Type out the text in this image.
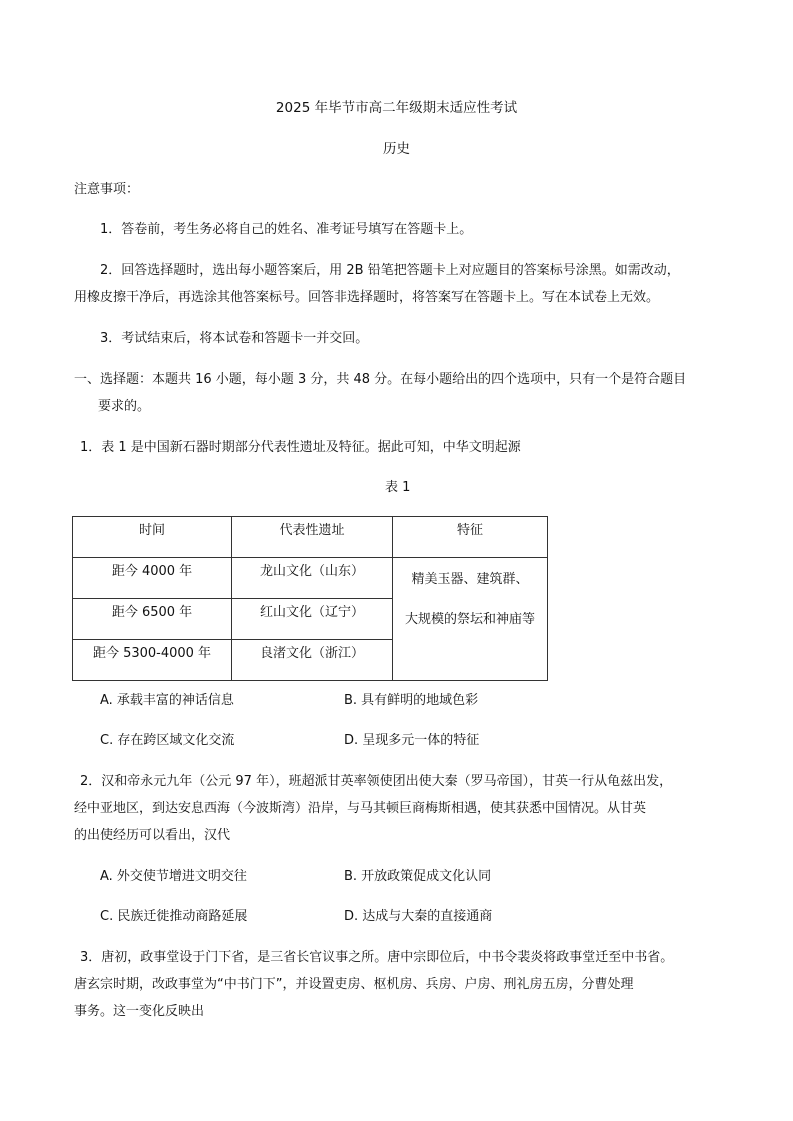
2025 年毕节市高二年级期末适应性考试
历史
注意事项：
1．答卷前，考生务必将自己的姓名、准考证号填写在答题卡上。
2．回答选择题时，选出每小题答案后，用 2B 铅笔把答题卡上对应题目的答案标号涂黑。如需改动，
用橡皮擦干净后，再选涂其他答案标号。回答非选择题时，将答案写在答题卡上。写在本试卷上无效。
3．考试结束后，将本试卷和答题卡一并交回。
一、选择题：本题共 16 小题，每小题 3 分，共 48 分。在每小题给出的四个选项中，只有一个是符合题目
要求的。
1．表 1 是中国新石器时期部分代表性遗址及特征。据此可知，中华文明起源
表 1
时间	代表性遗址	特征
距今 4000 年	龙山文化（山东）	精美玉器、建筑群、
大规模的祭坛和神庙等

距今 6500 年	红山文化（辽宁）	
距今 5300-4000 年	良渚文化（浙江）	
A. 承载丰富的神话信息	B. 具有鲜明的地域色彩
C. 存在跨区域文化交流	D. 呈现多元一体的特征
2．汉和帝永元九年（公元 97 年），班超派甘英率领使团出使大秦（罗马帝国），甘英一行从龟兹出发，
经中亚地区，到达安息西海（今波斯湾）沿岸，与马其顿巨商梅斯相遇，使其获悉中国情况。从甘英
的出使经历可以看出，汉代
A. 外交使节增进文明交往	B. 开放政策促成文化认同
C. 民族迁徙推动商路延展	D. 达成与大秦的直接通商
3．唐初，政事堂设于门下省，是三省长官议事之所。唐中宗即位后，中书令裴炎将政事堂迁至中书省。
唐玄宗时期，改政事堂为“中书门下”，并设置吏房、枢机房、兵房、户房、刑礼房五房，分曹处理
事务。这一变化反映出
